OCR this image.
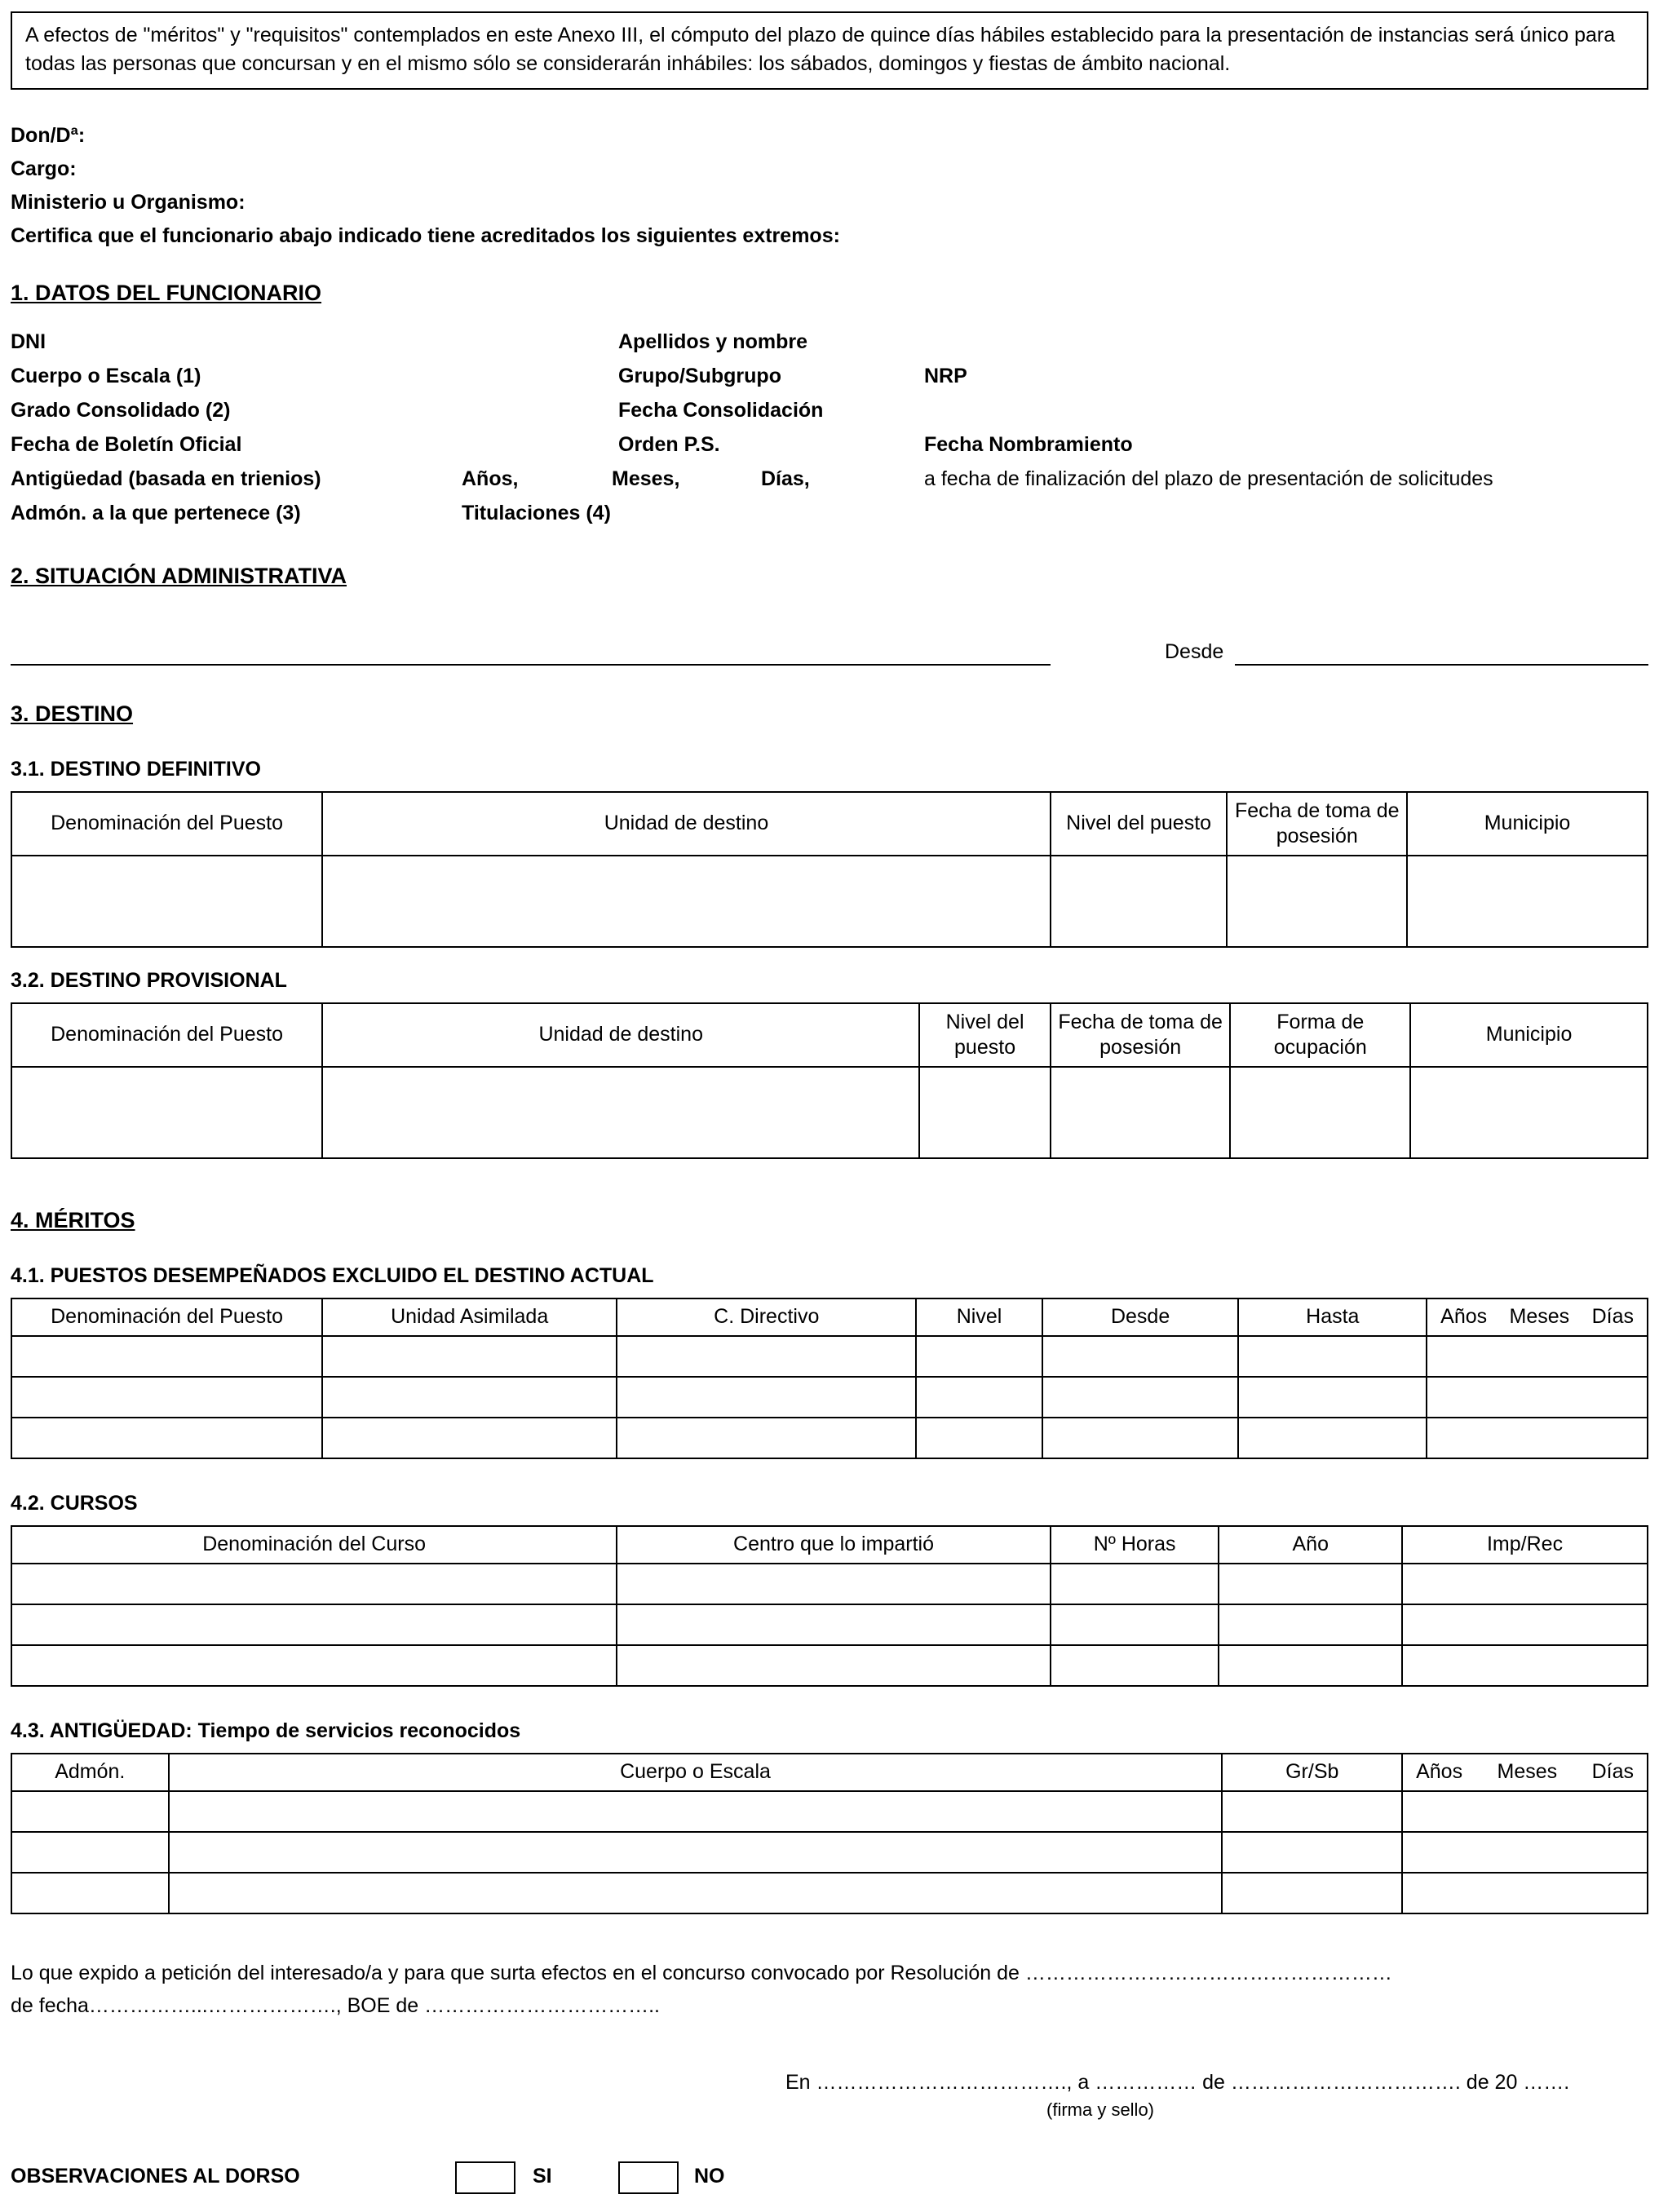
A efectos de "méritos" y "requisitos" contemplados en este Anexo III, el cómputo del plazo de quince días hábiles establecido para la presentación de instancias será único para todas las personas que concursan y en el mismo sólo se considerarán inhábiles: los sábados, domingos y fiestas de ámbito nacional.

Don/Dª:

Cargo:

Ministerio u Organismo:

Certifica que el funcionario abajo indicado tiene acreditados los siguientes extremos:

1. DATOS DEL FUNCIONARIO
DNI	Apellidos y nombre
Cuerpo o Escala (1)	Grupo/Subgrupo	NRP
Grado Consolidado (2)	Fecha Consolidación
Fecha de Boletín Oficial	Orden P.S.	Fecha Nombramiento
Antigüedad (basada en trienios)	Años,	Meses,	Días,	a fecha de finalización del plazo de presentación de solicitudes
Admón. a la que pertenece (3)	Titulaciones (4)
2. SITUACIÓN ADMINISTRATIVA
Desde
3. DESTINO
3.1. DESTINO DEFINITIVO
Denominación del Puesto	Unidad de destino	Nivel del puesto	Fecha de toma de posesión	Municipio

3.2. DESTINO PROVISIONAL
Denominación del Puesto	Unidad de destino	Nivel del puesto	Fecha de toma de posesión	Forma de ocupación	Municipio

4. MÉRITOS
4.1. PUESTOS DESEMPEÑADOS EXCLUIDO EL DESTINO ACTUAL
Denominación del Puesto	Unidad Asimilada	C. Directivo	Nivel	Desde	Hasta	Años Meses Días

4.2. CURSOS
Denominación del Curso	Centro que lo impartió	Nº Horas	Año	Imp/Rec

4.3. ANTIGÜEDAD: Tiempo de servicios reconocidos
Admón.	Cuerpo o Escala	Gr/Sb	Años Meses Días

Lo que expido a petición del interesado/a y para que surta efectos en el concurso convocado por Resolución de ………………………………………………

de fecha……………...………………., BOE de ……………………………..

En ………………………………., a …………… de ……………………………. de 20 …….
(firma y sello)
OBSERVACIONES AL DORSO	SI	NO
